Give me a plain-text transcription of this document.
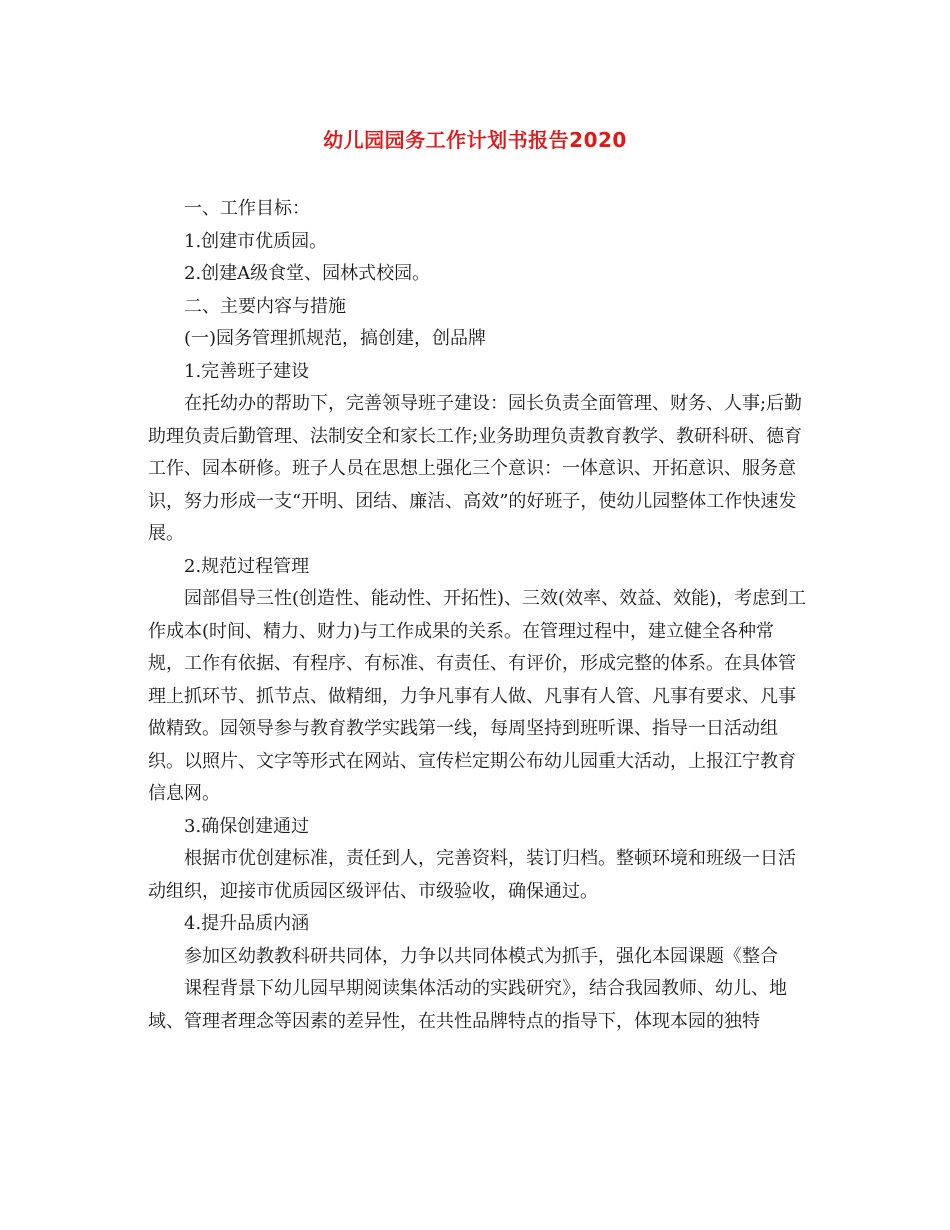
幼儿园园务工作计划书报告2020

一、工作目标：

1.创建市优质园。

2.创建A级食堂、园林式校园。

二、主要内容与措施

(一)园务管理抓规范，搞创建，创品牌

1.完善班子建设

在托幼办的帮助下，完善领导班子建设：园长负责全面管理、财务、人事;后勤助理负责后勤管理、法制安全和家长工作;业务助理负责教育教学、教研科研、德育工作、园本研修。班子人员在思想上强化三个意识：一体意识、开拓意识、服务意识，努力形成一支“开明、团结、廉洁、高效”的好班子，使幼儿园整体工作快速发展。

2.规范过程管理

园部倡导三性(创造性、能动性、开拓性)、三效(效率、效益、效能)，考虑到工作成本(时间、精力、财力)与工作成果的关系。在管理过程中，建立健全各种常规，工作有依据、有程序、有标准、有责任、有评价，形成完整的体系。在具体管理上抓环节、抓节点、做精细，力争凡事有人做、凡事有人管、凡事有要求、凡事做精致。园领导参与教育教学实践第一线，每周坚持到班听课、指导一日活动组织。以照片、文字等形式在网站、宣传栏定期公布幼儿园重大活动，上报江宁教育信息网。

3.确保创建通过

根据市优创建标准，责任到人，完善资料，装订归档。整顿环境和班级一日活动组织，迎接市优质园区级评估、市级验收，确保通过。

4.提升品质内涵

参加区幼教教科研共同体，力争以共同体模式为抓手，强化本园课题《整合

课程背景下幼儿园早期阅读集体活动的实践研究》，结合我园教师、幼儿、地域、管理者理念等因素的差异性，在共性品牌特点的指导下，体现本园的独特
